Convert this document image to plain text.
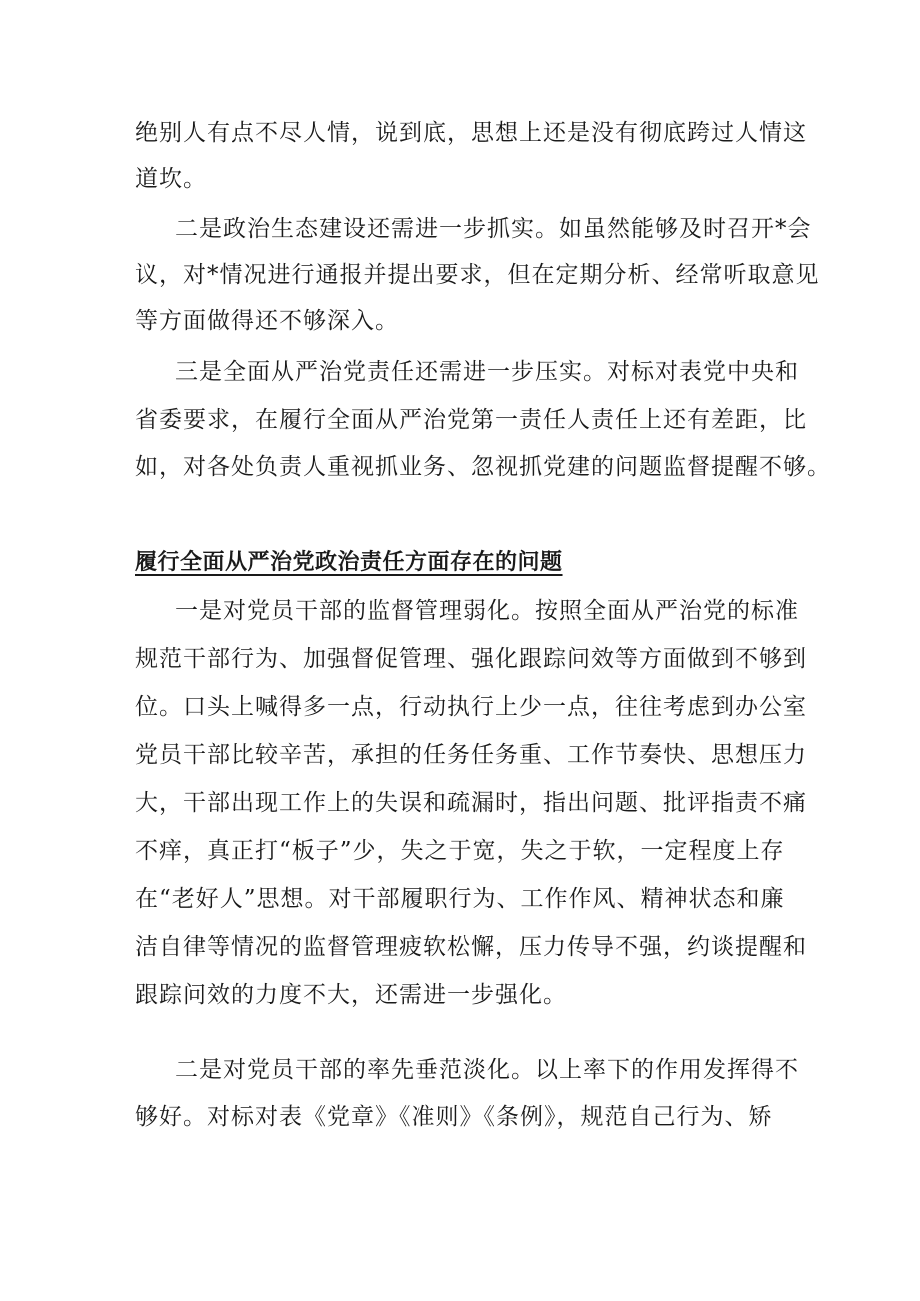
绝别人有点不尽人情，说到底，思想上还是没有彻底跨过人情这
道坎。
二是政治生态建设还需进一步抓实。如虽然能够及时召开*会
议，对*情况进行通报并提出要求，但在定期分析、经常听取意见
等方面做得还不够深入。
三是全面从严治党责任还需进一步压实。对标对表党中央和
省委要求，在履行全面从严治党第一责任人责任上还有差距，比
如，对各处负责人重视抓业务、忽视抓党建的问题监督提醒不够。
履行全面从严治党政治责任方面存在的问题
一是对党员干部的监督管理弱化。按照全面从严治党的标准
规范干部行为、加强督促管理、强化跟踪问效等方面做到不够到
位。口头上喊得多一点，行动执行上少一点，往往考虑到办公室
党员干部比较辛苦，承担的任务任务重、工作节奏快、思想压力
大，干部出现工作上的失误和疏漏时，指出问题、批评指责不痛
不痒，真正打“板子”少，失之于宽，失之于软，一定程度上存
在“老好人”思想。对干部履职行为、工作作风、精神状态和廉
洁自律等情况的监督管理疲软松懈，压力传导不强，约谈提醒和
跟踪问效的力度不大，还需进一步强化。
二是对党员干部的率先垂范淡化。以上率下的作用发挥得不
够好。对标对表《党章》《准则》《条例》，规范自己行为、矫
